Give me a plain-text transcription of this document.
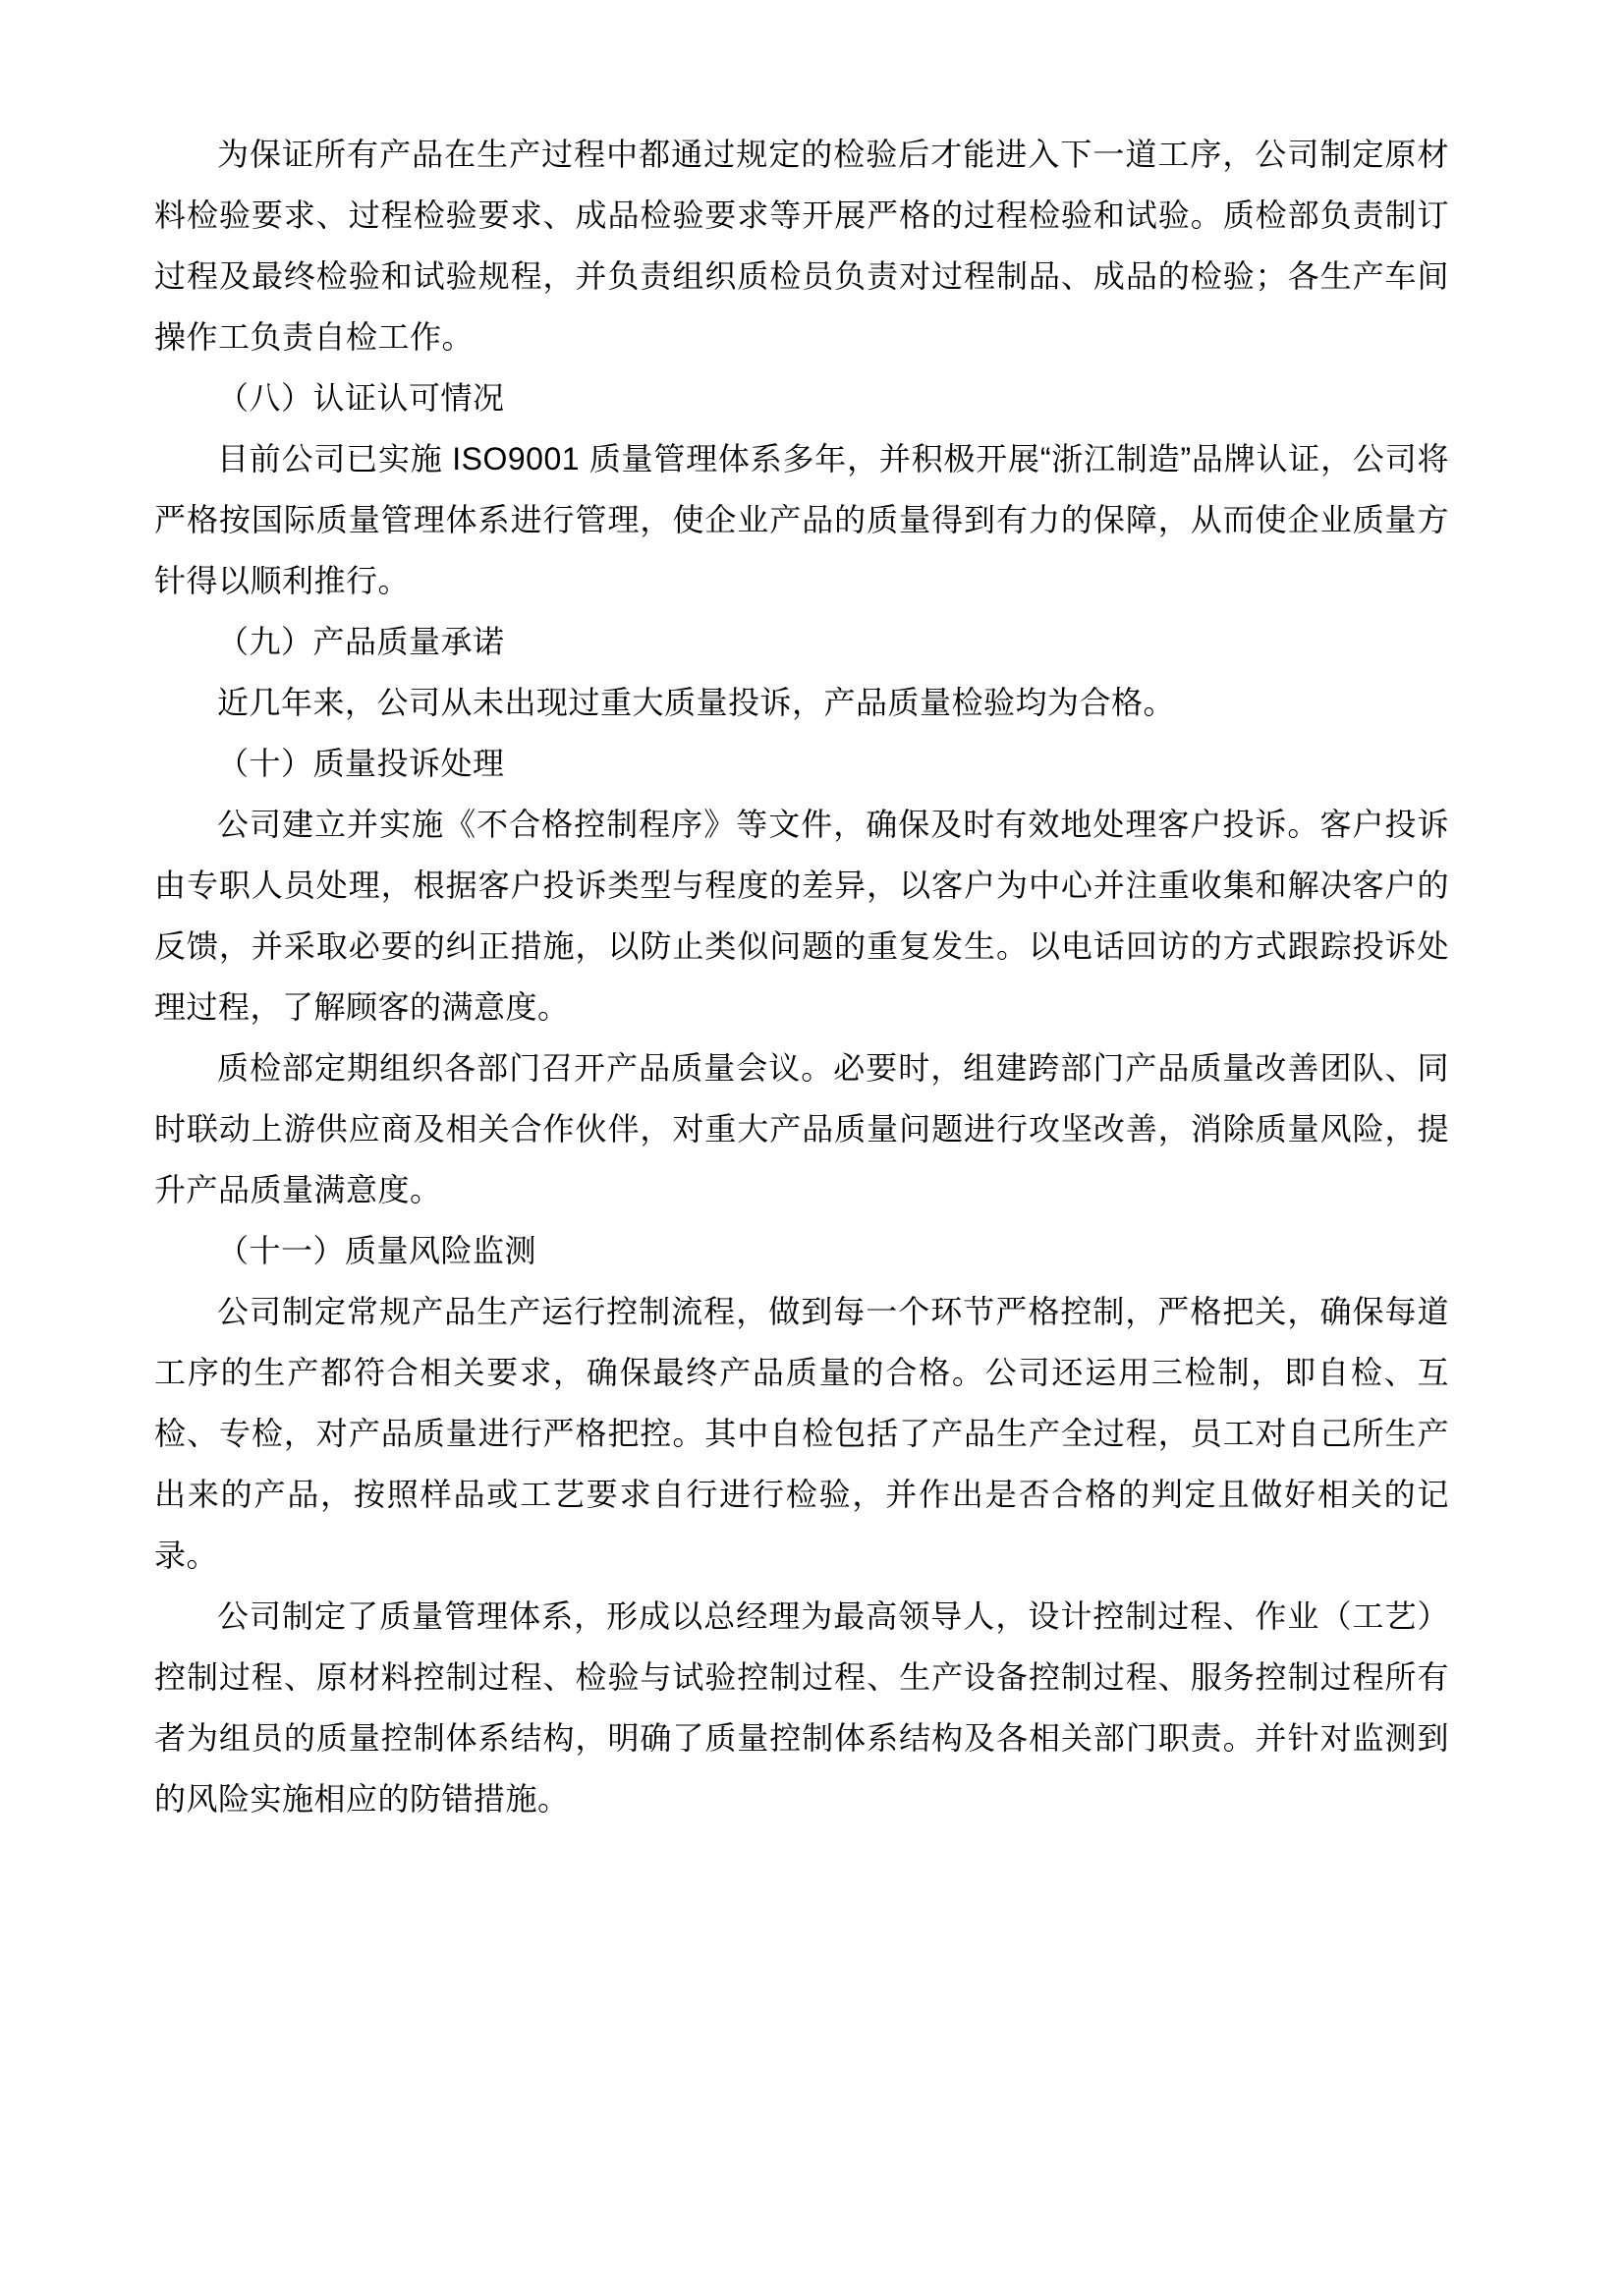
为保证所有产品在生产过程中都通过规定的检验后才能进入下一道工序，公司制定原材料检验要求、过程检验要求、成品检验要求等开展严格的过程检验和试验。质检部负责制订过程及最终检验和试验规程，并负责组织质检员负责对过程制品、成品的检验；各生产车间操作工负责自检工作。

（八）认证认可情况

目前公司已实施 ISO9001 质量管理体系多年，并积极开展“浙江制造”品牌认证，公司将严格按国际质量管理体系进行管理，使企业产品的质量得到有力的保障，从而使企业质量方针得以顺利推行。

（九）产品质量承诺

近几年来，公司从未出现过重大质量投诉，产品质量检验均为合格。

（十）质量投诉处理

公司建立并实施《不合格控制程序》等文件，确保及时有效地处理客户投诉。客户投诉由专职人员处理，根据客户投诉类型与程度的差异，以客户为中心并注重收集和解决客户的反馈，并采取必要的纠正措施，以防止类似问题的重复发生。以电话回访的方式跟踪投诉处理过程，了解顾客的满意度。

质检部定期组织各部门召开产品质量会议。必要时，组建跨部门产品质量改善团队、同时联动上游供应商及相关合作伙伴，对重大产品质量问题进行攻坚改善，消除质量风险，提升产品质量满意度。

（十一）质量风险监测

公司制定常规产品生产运行控制流程，做到每一个环节严格控制，严格把关，确保每道工序的生产都符合相关要求，确保最终产品质量的合格。公司还运用三检制，即自检、互检、专检，对产品质量进行严格把控。其中自检包括了产品生产全过程，员工对自己所生产出来的产品，按照样品或工艺要求自行进行检验，并作出是否合格的判定且做好相关的记录。

公司制定了质量管理体系，形成以总经理为最高领导人，设计控制过程、作业（工艺）控制过程、原材料控制过程、检验与试验控制过程、生产设备控制过程、服务控制过程所有者为组员的质量控制体系结构，明确了质量控制体系结构及各相关部门职责。并针对监测到的风险实施相应的防错措施。
